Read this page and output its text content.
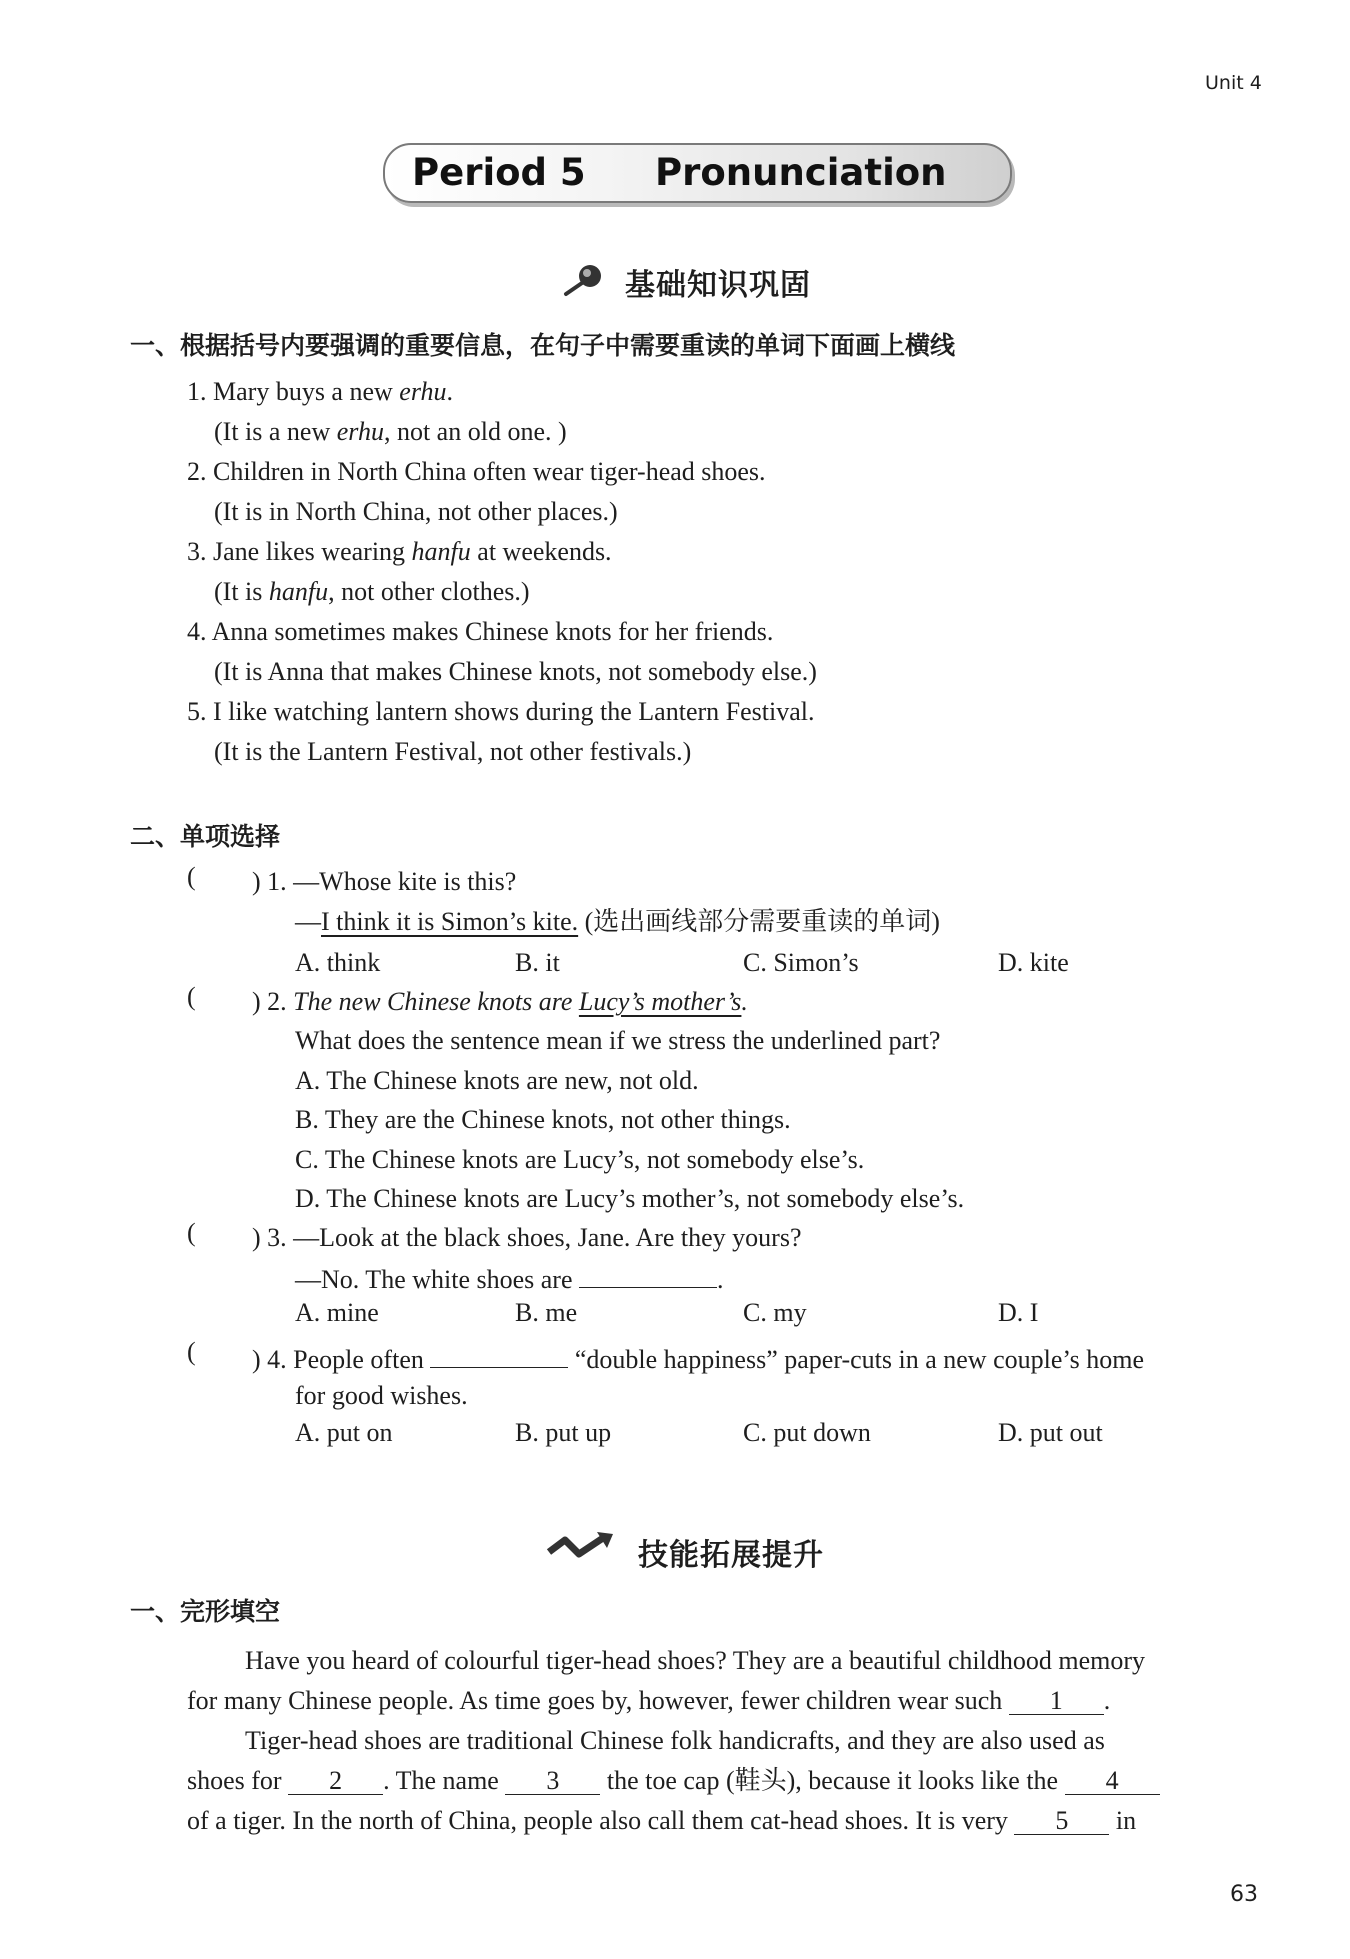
Unit 4
Period 5 Pronunciation
基础知识巩固
一、根据括号内要强调的重要信息，在句子中需要重读的单词下面画上横线
1. Mary buys a new erhu.
(It is a new erhu, not an old one. )
2. Children in North China often wear tiger-head shoes.
(It is in North China, not other places.)
3. Jane likes wearing hanfu at weekends.
(It is hanfu, not other clothes.)
4. Anna sometimes makes Chinese knots for her friends.
(It is Anna that makes Chinese knots, not somebody else.)
5. I like watching lantern shows during the Lantern Festival.
(It is the Lantern Festival, not other festivals.)
二、单项选择
( ) 1. —Whose kite is this?
—I think it is Simon’s kite. (选出画线部分需要重读的单词)
A. think	B. it	C. Simon’s	D. kite
( ) 2. The new Chinese knots are Lucy’s mother’s.
What does the sentence mean if we stress the underlined part?
A. The Chinese knots are new, not old.
B. They are the Chinese knots, not other things.
C. The Chinese knots are Lucy’s, not somebody else’s.
D. The Chinese knots are Lucy’s mother’s, not somebody else’s.
( ) 3. —Look at the black shoes, Jane. Are they yours?
—No. The white shoes are	.
A. mine	B. me	C. my	D. I
( ) 4. People often	“double happiness” paper-cuts in a new couple’s home
for good wishes.
A. put on	B. put up	C. put down	D. put out
技能拓展提升
一、完形填空
Have you heard of colourful tiger-head shoes? They are a beautiful childhood memory
for many Chinese people. As time goes by, however, fewer children wear such 1 .
Tiger-head shoes are traditional Chinese folk handicrafts, and they are also used as
shoes for 2 . The name 3 the toe cap (鞋头), because it looks like the 4
of a tiger. In the north of China, people also call them cat-head shoes. It is very 5 in
63
